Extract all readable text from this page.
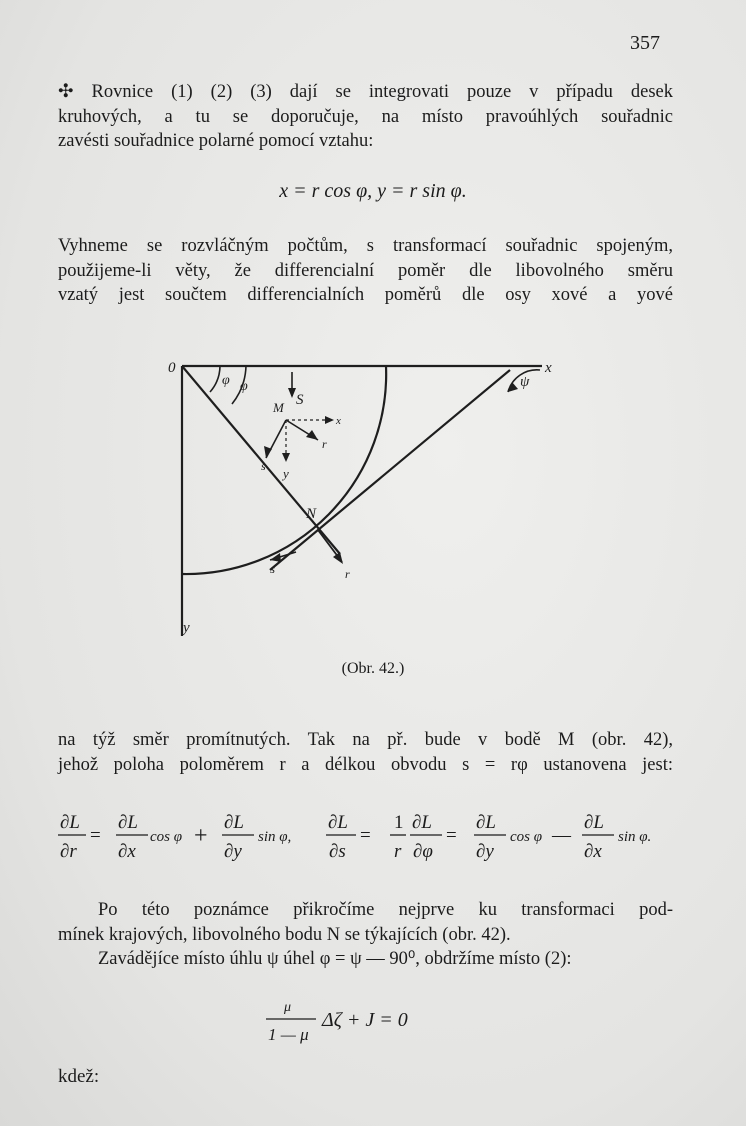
357
✣ Rovnice (1) (2) (3) dají se integrovati pouze v případu desek
kruhových, a tu se doporučuje, na místo pravoúhlých souřadnic
zavésti souřadnice polarné pomocí vztahu:
x = r cos φ, y = r sin φ.
Vyhneme se rozvláčným počtům, s transformací souřadnic spojeným,
použijeme-li věty, že differencialní poměr dle libovolného směru
vzatý jest součtem differencialních poměrů dle osy xové a yové
0	x
y
φ φ
S
M
x
r
s y
N
s	r
ψ
(Obr. 42.)
na týž směr promítnutých. Tak na př. bude v bodě M (obr. 42),
jehož poloha poloměrem r a délkou obvodu s = rφ ustanovena jest:
∂L
∂r
=
∂L
∂x
cos φ +
∂L
∂y
sin φ,
∂L
∂s
=
1
r
∂L
∂φ
=
∂L
∂y
cos φ —
∂L
∂x
sin φ.
Po této poznámce přikročíme nejprve ku transformaci pod-
mínek krajových, libovolného bodu N se týkajících (obr. 42).
Zavádějíce místo úhlu ψ úhel φ = ψ — 90⁰, obdržíme místo (2):
μ
1 — μ
Δζ + J = 0
kdež:
